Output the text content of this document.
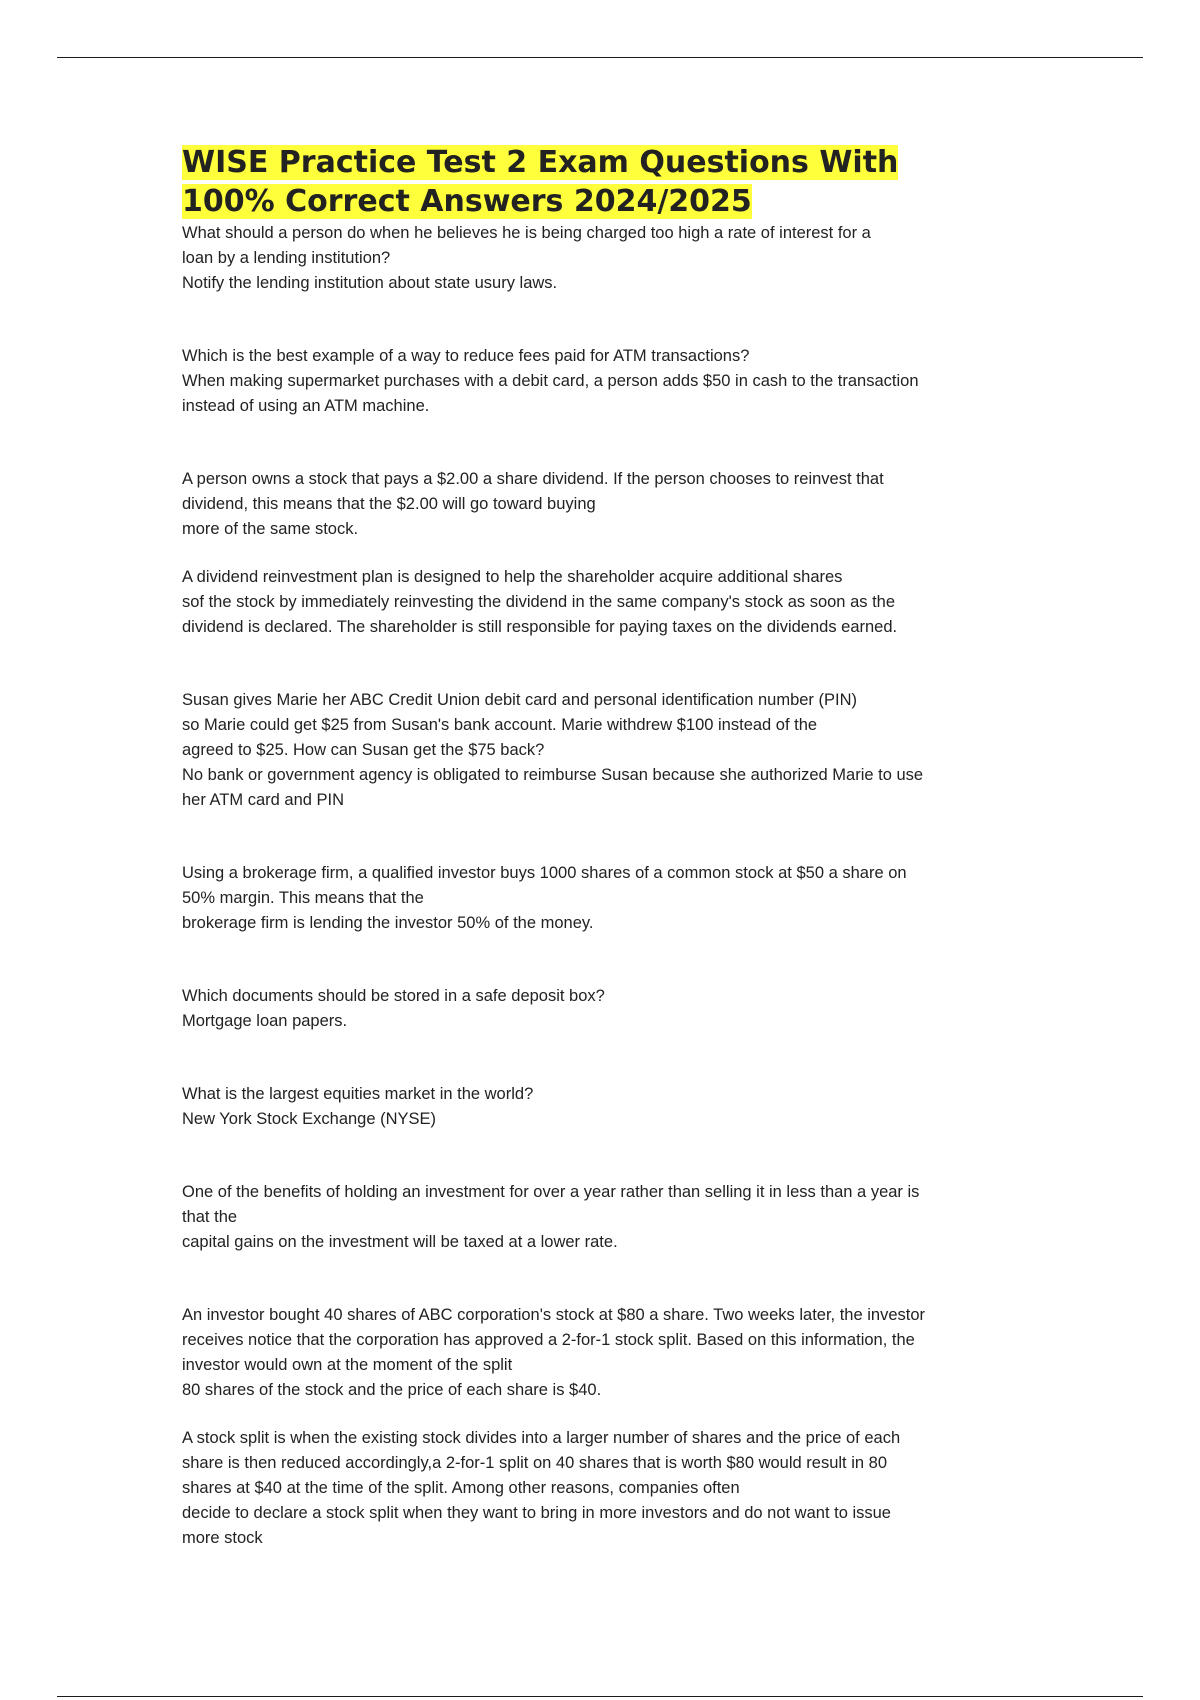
WISE Practice Test 2 Exam Questions With
100% Correct Answers 2024/2025
What should a person do when he believes he is being charged too high a rate of interest for a
loan by a lending institution?
Notify the lending institution about state usury laws.
Which is the best example of a way to reduce fees paid for ATM transactions?
When making supermarket purchases with a debit card, a person adds $50 in cash to the transaction
instead of using an ATM machine.
A person owns a stock that pays a $2.00 a share dividend. If the person chooses to reinvest that
dividend, this means that the $2.00 will go toward buying
more of the same stock.
A dividend reinvestment plan is designed to help the shareholder acquire additional shares
sof the stock by immediately reinvesting the dividend in the same company's stock as soon as the
dividend is declared. The shareholder is still responsible for paying taxes on the dividends earned.
Susan gives Marie her ABC Credit Union debit card and personal identification number (PIN)
so Marie could get $25 from Susan's bank account. Marie withdrew $100 instead of the
agreed to $25. How can Susan get the $75 back?
No bank or government agency is obligated to reimburse Susan because she authorized Marie to use
her ATM card and PIN
Using a brokerage firm, a qualified investor buys 1000 shares of a common stock at $50 a share on
50% margin. This means that the
brokerage firm is lending the investor 50% of the money.
Which documents should be stored in a safe deposit box?
Mortgage loan papers.
What is the largest equities market in the world?
New York Stock Exchange (NYSE)
One of the benefits of holding an investment for over a year rather than selling it in less than a year is
that the
capital gains on the investment will be taxed at a lower rate.
An investor bought 40 shares of ABC corporation's stock at $80 a share. Two weeks later, the investor
receives notice that the corporation has approved a 2-for-1 stock split. Based on this information, the
investor would own at the moment of the split
80 shares of the stock and the price of each share is $40.
A stock split is when the existing stock divides into a larger number of shares and the price of each
share is then reduced accordingly,a 2-for-1 split on 40 shares that is worth $80 would result in 80
shares at $40 at the time of the split. Among other reasons, companies often
decide to declare a stock split when they want to bring in more investors and do not want to issue
more stock
